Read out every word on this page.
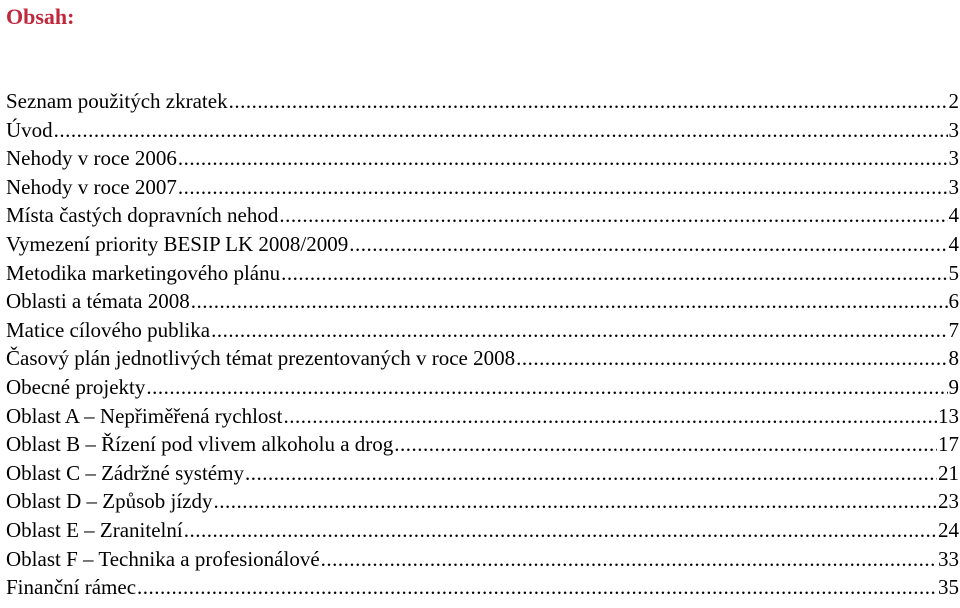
Obsah:
Seznam použitých zkratek .....	2
Úvod .....	3
Nehody v roce 2006 .....	3
Nehody v roce 2007 .....	3
Místa častých dopravních nehod .....	4
Vymezení priority BESIP LK 2008/2009 .....	4
Metodika marketingového plánu .....	5
Oblasti a témata 2008 .....	6
Matice cílového publika .....	7
Časový plán jednotlivých témat prezentovaných v roce 2008 .....	8
Obecné projekty .....	9
Oblast A – Nepřiměřená rychlost .....	13
Oblast B – Řízení pod vlivem alkoholu a drog .....	17
Oblast C – Zádržné systémy .....	21
Oblast D – Způsob jízdy .....	23
Oblast E – Zranitelní .....	24
Oblast F – Technika a profesionálové .....	33
Finanční rámec .....	35
